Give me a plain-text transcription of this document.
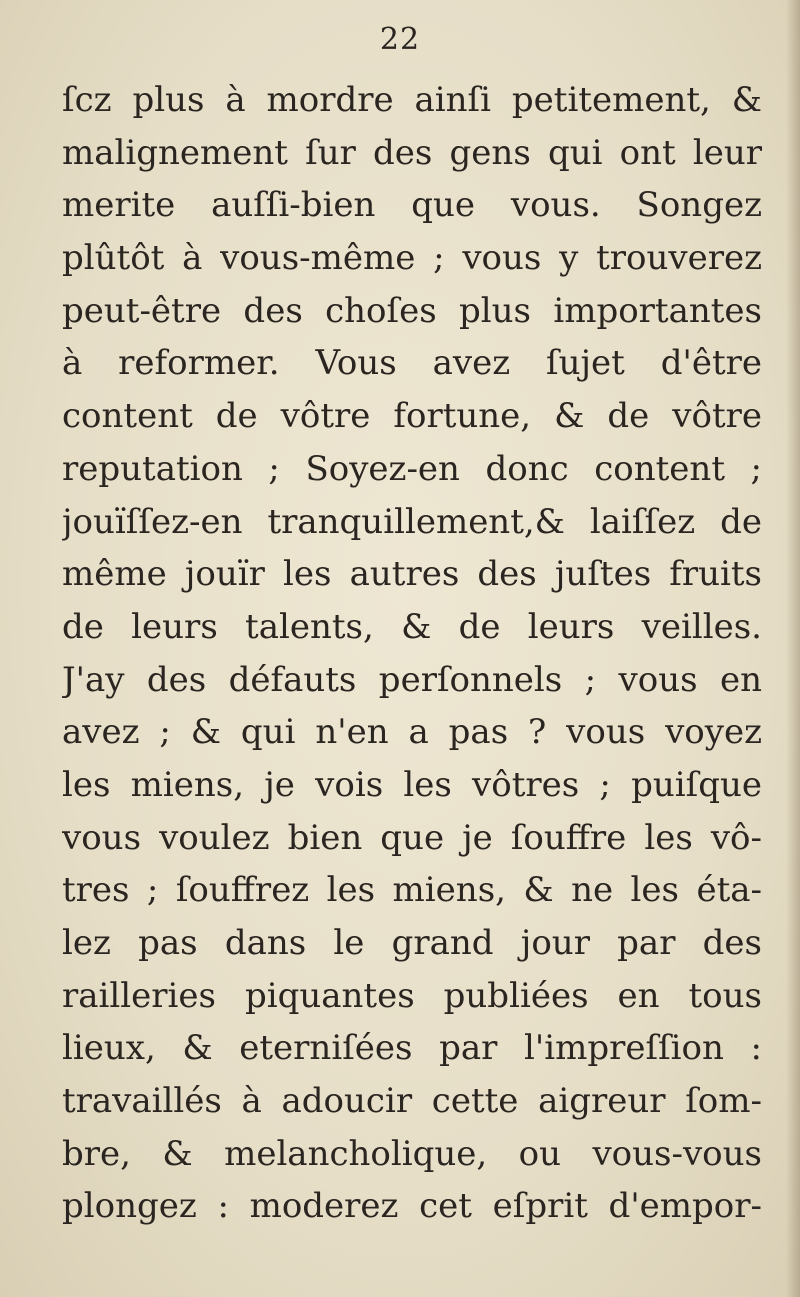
22
ſcz plus à mordre ainſi petitement, &
malignement ſur des gens qui ont leur
merite auſſi-bien que vous. Songez
plûtôt à vous-même ; vous y trouverez
peut-être des choſes plus importantes
à reformer. Vous avez ſujet d'être
content de vôtre fortune, & de vôtre
reputation ; Soyez-en donc content ;
jouïſſez-en tranquillement,& laiſſez de
même jouïr les autres des juſtes fruits
de leurs talents, & de leurs veilles.
J'ay des défauts perſonnels ; vous en
avez ; & qui n'en a pas ? vous voyez
les miens, je vois les vôtres ; puiſque
vous voulez bien que je ſouffre les vô-
tres ; ſouffrez les miens, & ne les éta-
lez pas dans le grand jour par des
railleries piquantes publiées en tous
lieux, & eterniſées par l'impreſſion :
travaillés à adoucir cette aigreur ſom-
bre, & melancholique, ou vous-vous
plongez : moderez cet eſprit d'empor-
